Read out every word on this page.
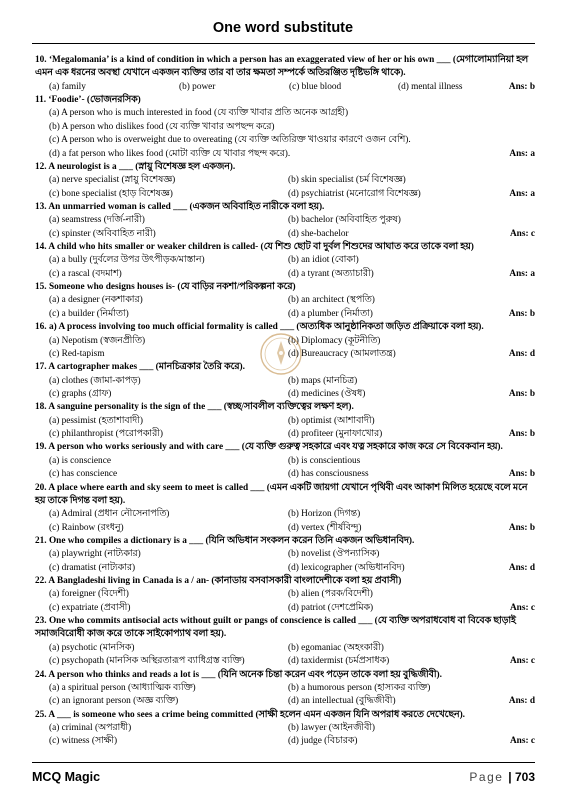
One word substitute
10. ‘Megalomania’ is a kind of condition in which a person has an exaggerated view of her or his own ___ (মেগালোম্যানিয়া হল এমন এক ধরনের অবস্থা যেখানে একজন ব্যক্তির তার বা তার ক্ষমতা সম্পর্কে অতিরঞ্জিত দৃষ্টিভঙ্গি থাকে).
(a) family	(b) power	(c) blue blood	(d) mental illness	Ans: b
11. ‘Foodie’- (ভোজনরসিক)
(a) A person who is much interested in food (যে ব্যক্তি খাবার প্রতি অনেক আগ্রহী)
(b) A person who dislikes food (যে ব্যক্তি খাবার অপছন্দ করে)
(c) A person who is overweight due to overeating (যে ব্যক্তি অতিরিক্ত খাওয়ার কারণে ওজন বেশি).
(d) a fat person who likes food (মোটা ব্যক্তি যে খাবার পছন্দ করে).	Ans: a
12. A neurologist is a ___ (স্নায়ু বিশেষজ্ঞ হল একজন).
(a) nerve specialist (স্নায়ু বিশেষজ্ঞ)	(b) skin specialist (চর্ম বিশেষজ্ঞ)
(c) bone specialist (হাড় বিশেষজ্ঞ)	(d) psychiatrist (মনোরোগ বিশেষজ্ঞ)	Ans: a
13. An unmarried woman is called ___ (একজন অবিবাহিত নারীকে বলা হয়).
(a) seamstress (দর্জি-নারী)	(b) bachelor (অবিবাহিত পুরুষ)
(c) spinster (অবিবাহিত নারী)	(d) she-bachelor	Ans: c
14. A child who hits smaller or weaker children is called- (যে শিশু ছোট বা দুর্বল শিশুদের আঘাত করে তাকে বলা হয়)
(a) a bully (দুর্বলের উপর উৎপীড়ক/মাস্তান)	(b) an idiot (বোকা)
(c) a rascal (বদমাশ)	(d) a tyrant (অত্যাচারী)	Ans: a
15. Someone who designs houses is- (যে বাড়ির নকশা/পরিকল্পনা করে)
(a) a designer (নকশাকার)	(b) an architect (স্থপতি)
(c) a builder (নির্মাতা)	(d) a plumber (নির্মাতা)	Ans: b
16. a) A process involving too much official formality is called ___ (অত্যধিক আনুষ্ঠানিকতা জড়িত প্রক্রিয়াকে বলা হয়).
(a) Nepotism (স্বজনপ্রীতি)	(b) Diplomacy (কূটনীতি)
(c) Red-tapism	(d) Bureaucracy (আমলাতন্ত্র)	Ans: d
17. A cartographer makes ___ (মানচিত্রকার তৈরি করে).
(a) clothes (জামা-কাপড়)	(b) maps (মানচিত্র)
(c) graphs (গ্রাফ)	(d) medicines (ঔষধ)	Ans: b
18. A sanguine personality is the sign of the ___ (স্বচ্ছ/সাবলীল ব্যক্তিত্বের লক্ষণ হল).
(a) pessimist (হতাশাবাদী)	(b) optimist (আশাবাদী)
(c) philanthropist (পরোপকারী)	(d) profiteer (মুনাফাখোর)	Ans: b
19. A person who works seriously and with care ___ (যে ব্যক্তি গুরুত্ব সহকারে এবং যত্ন সহকারে কাজ করে সে বিবেকবান হয়).
(a) is conscience	(b) is conscientious
(c) has conscience	(d) has consciousness	Ans: b
20. A place where earth and sky seem to meet is called ___ (এমন একটি জায়গা যেখানে পৃথিবী এবং আকাশ মিলিত হয়েছে বলে মনে হয় তাকে দিগন্ত বলা হয়).
(a) Admiral (প্রধান নৌসেনাপতি)	(b) Horizon (দিগন্ত)
(c) Rainbow (রংধনু)	(d) vertex (শীর্ষবিন্দু)	Ans: b
21. One who compiles a dictionary is a ___ (যিনি অভিধান সংকলন করেন তিনি একজন অভিধানবিদ).
(a) playwright (নাট্যকার)	(b) novelist (ঔপন্যাসিক)
(c) dramatist (নাট্যকার)	(d) lexicographer (অভিধানবিদ)	Ans: d
22. A Bangladeshi living in Canada is a / an- (কানাডায় বসবাসকারী বাংলাদেশীকে বলা হয় প্রবাসী)
(a) foreigner (বিদেশী)	(b) alien (পরক/বিদেশী)
(c) expatriate (প্রবাসী)	(d) patriot (দেশপ্রেমিক)	Ans: c
23. One who commits antisocial acts without guilt or pangs of conscience is called ___ (যে ব্যক্তি অপরাধবোধ বা বিবেক ছাড়াই সমাজবিরোধী কাজ করে তাকে সাইকোপ্যাথ বলা হয়).
(a) psychotic (মানসিক)	(b) egomaniac (অহংকারী)
(c) psychopath (মানসিক অস্থিরতারূপ ব্যাধিগ্রস্ত ব্যক্তি)	(d) taxidermist (চর্মপ্রসাধক)	Ans: c
24. A person who thinks and reads a lot is ___ (যিনি অনেক চিন্তা করেন এবং পড়েন তাকে বলা হয় বুদ্ধিজীবী).
(a) a spiritual person (আধ্যাত্মিক ব্যক্তি)	(b) a humorous person (হাস্যকর ব্যক্তি)
(c) an ignorant person (অজ্ঞ ব্যক্তি)	(d) an intellectual (বুদ্ধিজীবী)	Ans: d
25. A ___ is someone who sees a crime being committed (সাক্ষী হলেন এমন একজন যিনি অপরাধ করতে দেখেছেন).
(a) criminal (অপরাধী)	(b) lawyer (আইনজীবী)
(c) witness (সাক্ষী)	(d) judge (বিচারক)	Ans: c
MCQ Magic	Page | 703
